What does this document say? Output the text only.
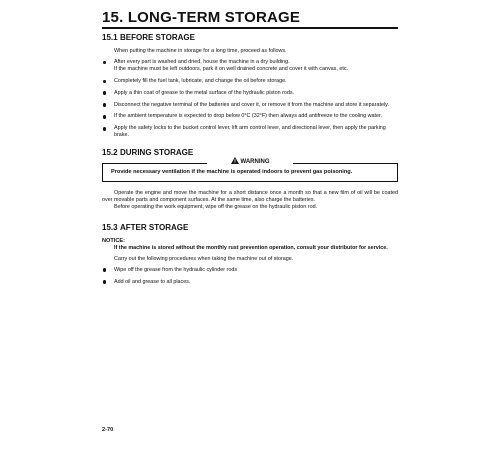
15. LONG-TERM STORAGE
15.1 BEFORE STORAGE

When putting the machine in storage for a long time, proceed as follows.

After every part is washed and dried, house the machine in a dry building.

If the machine must be left outdoors, park it on well drained concrete and cover it with canvas, etc.

Completely fill the fuel tank, lubricate, and change the oil before storage.

Apply a thin coat of grease to the metal surface of the hydraulic piston rods.

Disconnect the negative terminal of the batteries and cover it, or remove it from the machine and store it separately.

If the ambient temperature is expected to drop below 0°C (32°F) then always add antifreeze to the cooling water.

Apply the safety locks to the bucket control lever, lift arm control lever, and directional lever, then apply the parking brake.

15.2 DURING STORAGE
WARNING

Provide necessary ventilation if the machine is operated indoors to prevent gas poisoning.

Operate the engine and move the machine for a short distance once a month so that a new film of oil will be coated over movable parts and component surfaces. At the same time, also charge the batteries.

Before operating the work equipment, wipe off the grease on the hydraulic piston rod.

15.3 AFTER STORAGE
NOTICE:

If the machine is stored without the monthly rust prevention operation, consult your distributor for service.

Carry out the following procedures when taking the machine out of storage.

Wipe off the grease from the hydraulic cylinder rods

Add oil and grease to all places.

2-70
